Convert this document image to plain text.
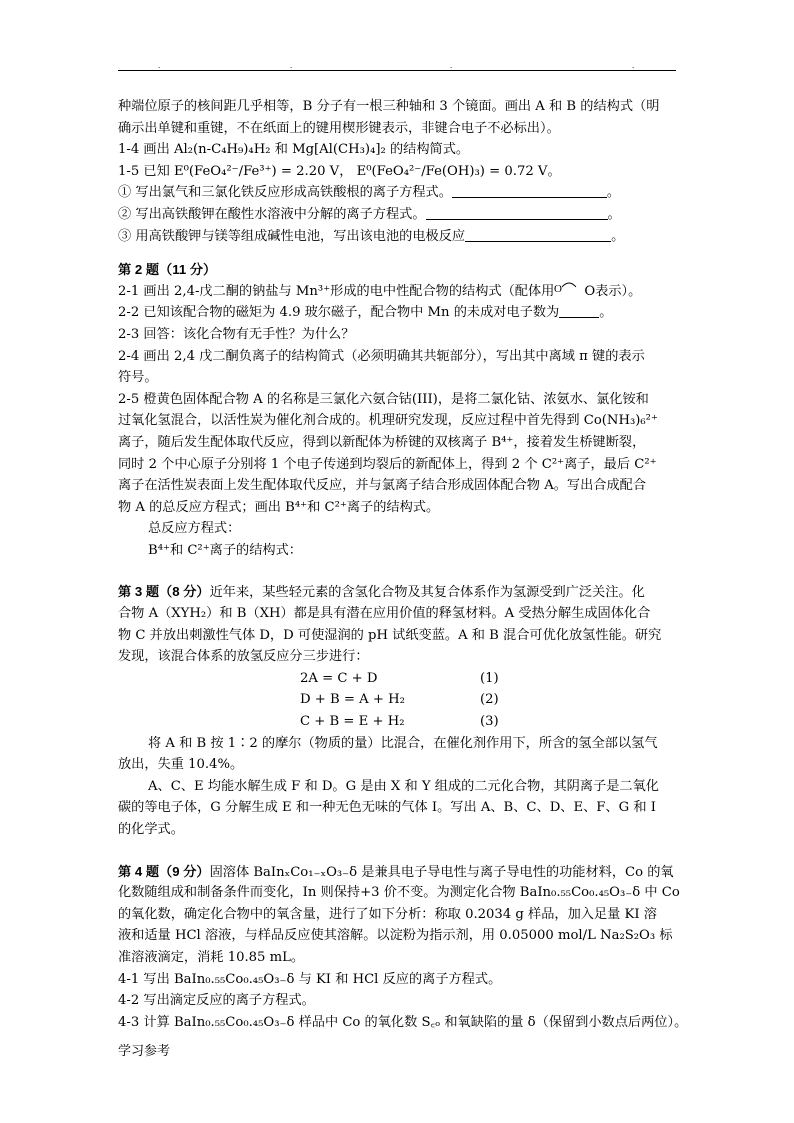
.	.	.	.
种端位原子的核间距几乎相等，B 分子有一根三种轴和 3 个镜面。画出 A 和 B 的结构式（明
确示出单键和重键，不在纸面上的键用楔形键表示，非键合电子不必标出）。
1-4 画出 Al₂(n-C₄H₉)₄H₂ 和 Mg[Al(CH₃)₄]₂ 的结构简式。
1-5 已知 E⁰(FeO₄²⁻/Fe³⁺) = 2.20 V， E⁰(FeO₄²⁻/Fe(OH)₃) = 0.72 V。
① 写出氯气和三氯化铁反应形成高铁酸根的离子方程式。	。
② 写出高铁酸钾在酸性水溶液中分解的离子方程式。	。
③ 用高铁酸钾与镁等组成碱性电池，写出该电池的电极反应	。
第 2 题（11 分）
2-1 画出 2,4-戊二酮的钠盐与 Mn³⁺形成的电中性配合物的结构式（配体用 O O表示）。
2-2 已知该配合物的磁矩为 4.9 玻尔磁子，配合物中 Mn 的未成对电子数为	。
2-3 回答：该化合物有无手性？为什么？
2-4 画出 2,4 戊二酮负离子的结构简式（必须明确其共轭部分），写出其中离域 π 键的表示
符号。
2-5 橙黄色固体配合物 A 的名称是三氯化六氨合钴(III)，是将二氯化钴、浓氨水、氯化铵和
过氧化氢混合，以活性炭为催化剂合成的。机理研究发现，反应过程中首先得到 Co(NH₃)₆²⁺
离子，随后发生配体取代反应，得到以新配体为桥键的双核离子 B⁴⁺，接着发生桥键断裂，
同时 2 个中心原子分别将 1 个电子传递到均裂后的新配体上，得到 2 个 C²⁺离子，最后 C²⁺
离子在活性炭表面上发生配体取代反应，并与氯离子结合形成固体配合物 A。写出合成配合
物 A 的总反应方程式；画出 B⁴⁺和 C²⁺离子的结构式。
总反应方程式：
B⁴⁺和 C²⁺离子的结构式：
第 3 题（8 分）近年来，某些轻元素的含氢化合物及其复合体系作为氢源受到广泛关注。化
合物 A（XYH₂）和 B（XH）都是具有潜在应用价值的释氢材料。A 受热分解生成固体化合
物 C 并放出刺激性气体 D，D 可使湿润的 pH 试纸变蓝。A 和 B 混合可优化放氢性能。研究
发现，该混合体系的放氢反应分三步进行：
2A = C + D	(1)
D + B = A + H₂	(2)
C + B = E + H₂	(3)
将 A 和 B 按 1∶2 的摩尔（物质的量）比混合，在催化剂作用下，所含的氢全部以氢气
放出，失重 10.4%。
A、C、E 均能水解生成 F 和 D。G 是由 X 和 Y 组成的二元化合物，其阴离子是二氧化
碳的等电子体，G 分解生成 E 和一种无色无味的气体 I。写出 A、B、C、D、E、F、G 和 I
的化学式。
第 4 题（9 分）固溶体 BaInₓCo₁₋ₓO₃₋δ 是兼具电子导电性与离子导电性的功能材料，Co 的氧
化数随组成和制备条件而变化，In 则保持+3 价不变。为测定化合物 BaIn₀.₅₅Co₀.₄₅O₃₋δ 中 Co
的氧化数，确定化合物中的氧含量，进行了如下分析：称取 0.2034 g 样品，加入足量 KI 溶
液和适量 HCl 溶液，与样品反应使其溶解。以淀粉为指示剂，用 0.05000 mol/L Na₂S₂O₃ 标
准溶液滴定，消耗 10.85 mL。
4-1 写出 BaIn₀.₅₅Co₀.₄₅O₃₋δ 与 KI 和 HCl 反应的离子方程式。
4-2 写出滴定反应的离子方程式。
4-3 计算 BaIn₀.₅₅Co₀.₄₅O₃₋δ 样品中 Co 的氧化数 S꜀ₒ 和氧缺陷的量 δ（保留到小数点后两位）。
学习参考
